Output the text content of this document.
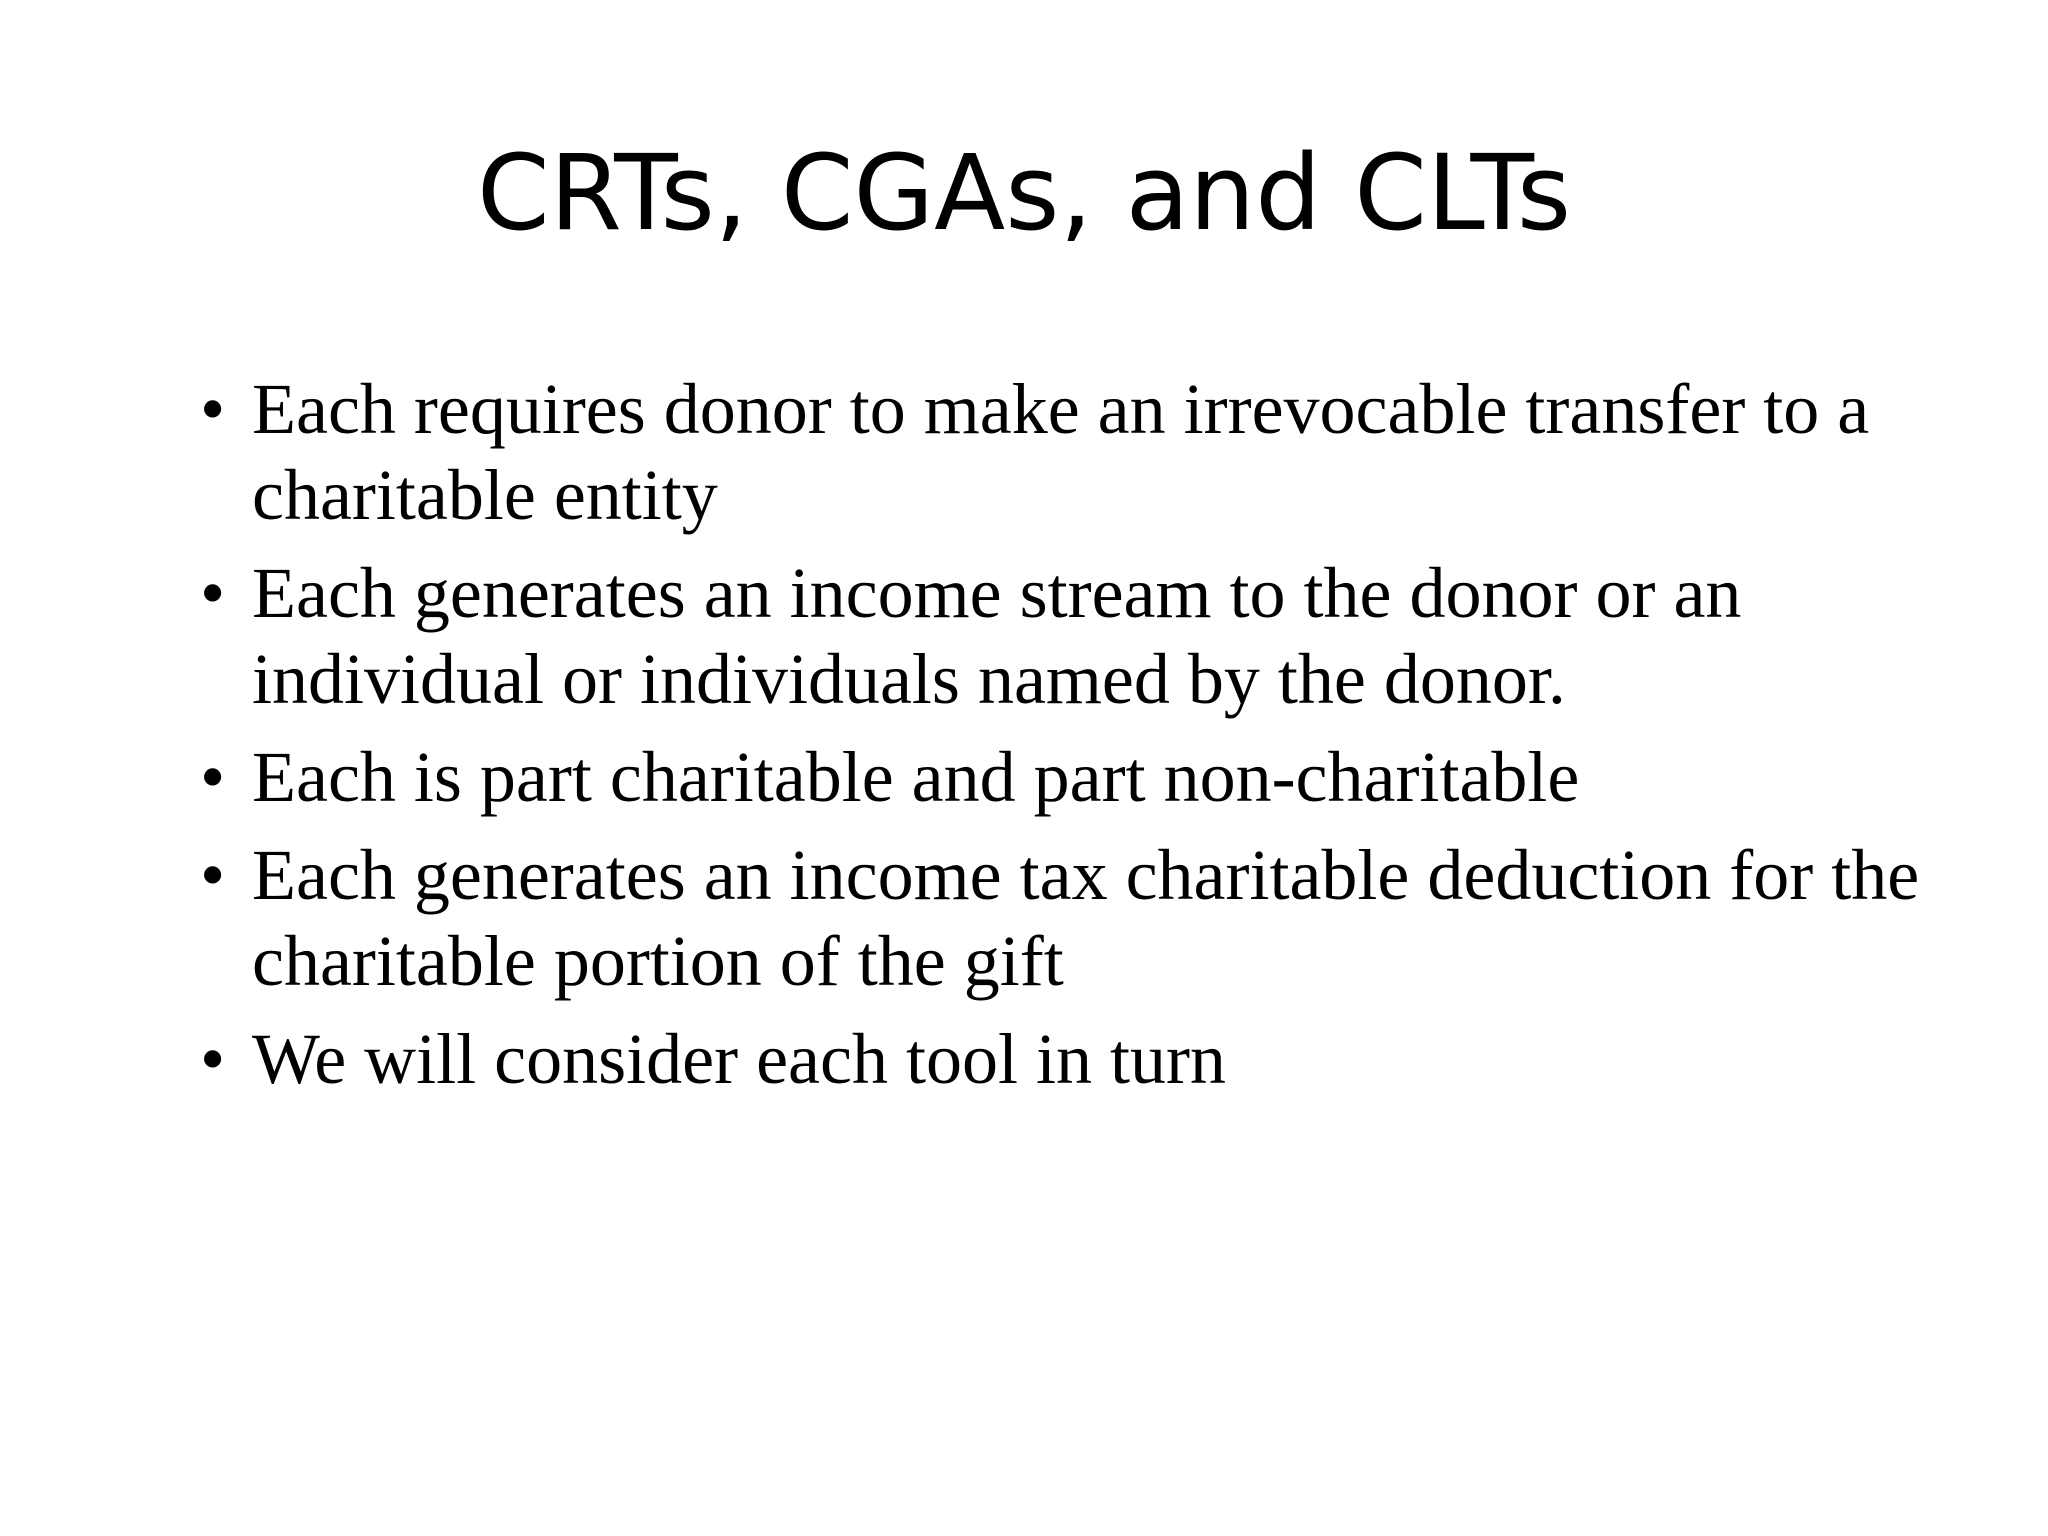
CRTs, CGAs, and CLTs
• Each requires donor to make an irrevocable transfer to a charitable entity
• Each generates an income stream to the donor or an individual or individuals named by the donor.
• Each is part charitable and part non-charitable
• Each generates an income tax charitable deduction for the charitable portion of the gift
• We will consider each tool in turn
